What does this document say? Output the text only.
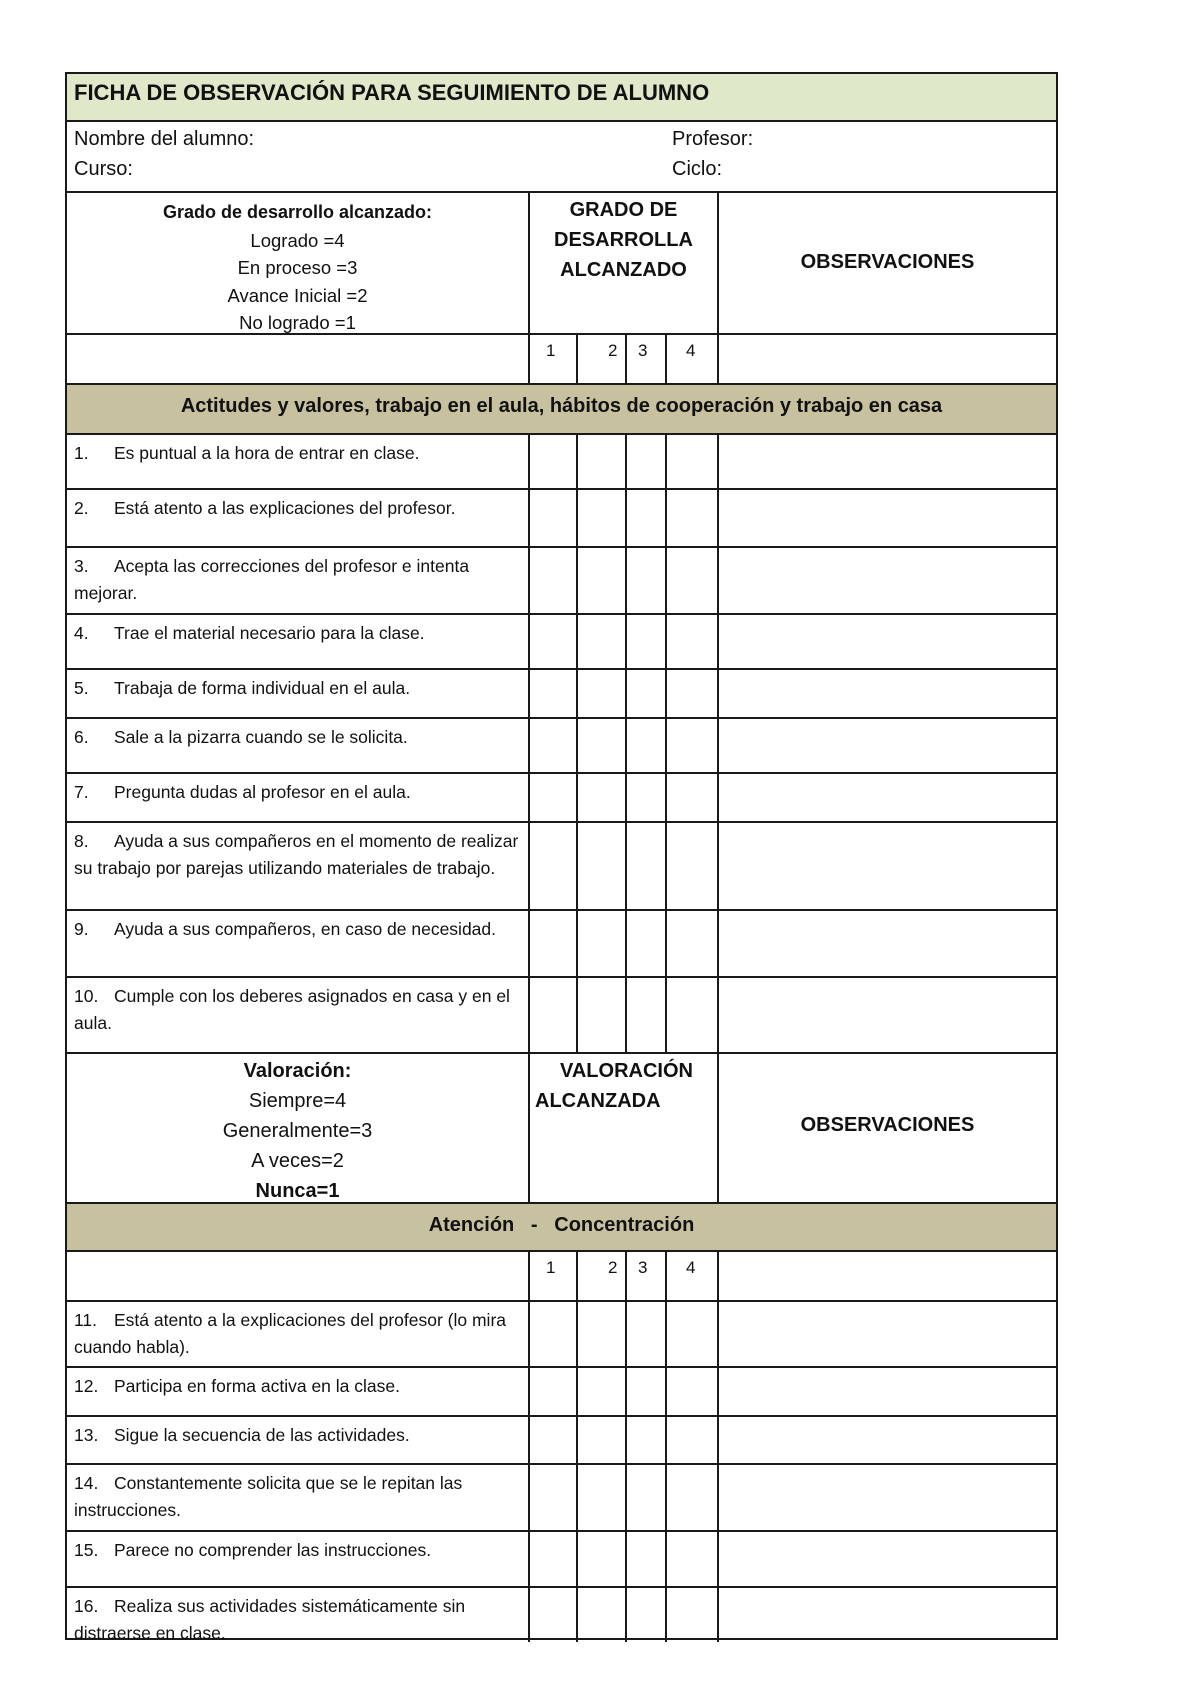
FICHA DE OBSERVACIÓN PARA SEGUIMIENTO DE ALUMNO
Nombre del alumno:	Profesor:
Curso:	Ciclo:
Grado de desarrollo alcanzado:
Logrado =4
En proceso =3
Avance Inicial =2
No logrado =1
GRADO DE
DESARROLLA
ALCANZADO	OBSERVACIONES
1	2 3 4
Actitudes y valores, trabajo en el aula, hábitos de cooperación y trabajo en casa
1. Es puntual a la hora de entrar en clase.
2. Está atento a las explicaciones del profesor.
3. Acepta las correcciones del profesor e intenta mejorar.
4. Trae el material necesario para la clase.
5. Trabaja de forma individual en el aula.
6. Sale a la pizarra cuando se le solicita.
7. Pregunta dudas al profesor en el aula.
8. Ayuda a sus compañeros en el momento de realizar su trabajo por parejas utilizando materiales de trabajo.
9. Ayuda a sus compañeros, en caso de necesidad.
10. Cumple con los deberes asignados en casa y en el aula.
Valoración:
Siempre=4
Generalmente=3
A veces=2
Nunca=1
VALORACIÓN
ALCANZADA
OBSERVACIONES
Atención   -   Concentración
1	2 3 4
11. Está atento a la explicaciones del profesor (lo mira cuando habla).
12. Participa en forma activa en la clase.
13. Sigue la secuencia de las actividades.
14. Constantemente solicita que se le repitan las instrucciones.
15. Parece no comprender las instrucciones.
16. Realiza sus actividades sistemáticamente sin distraerse en clase.
